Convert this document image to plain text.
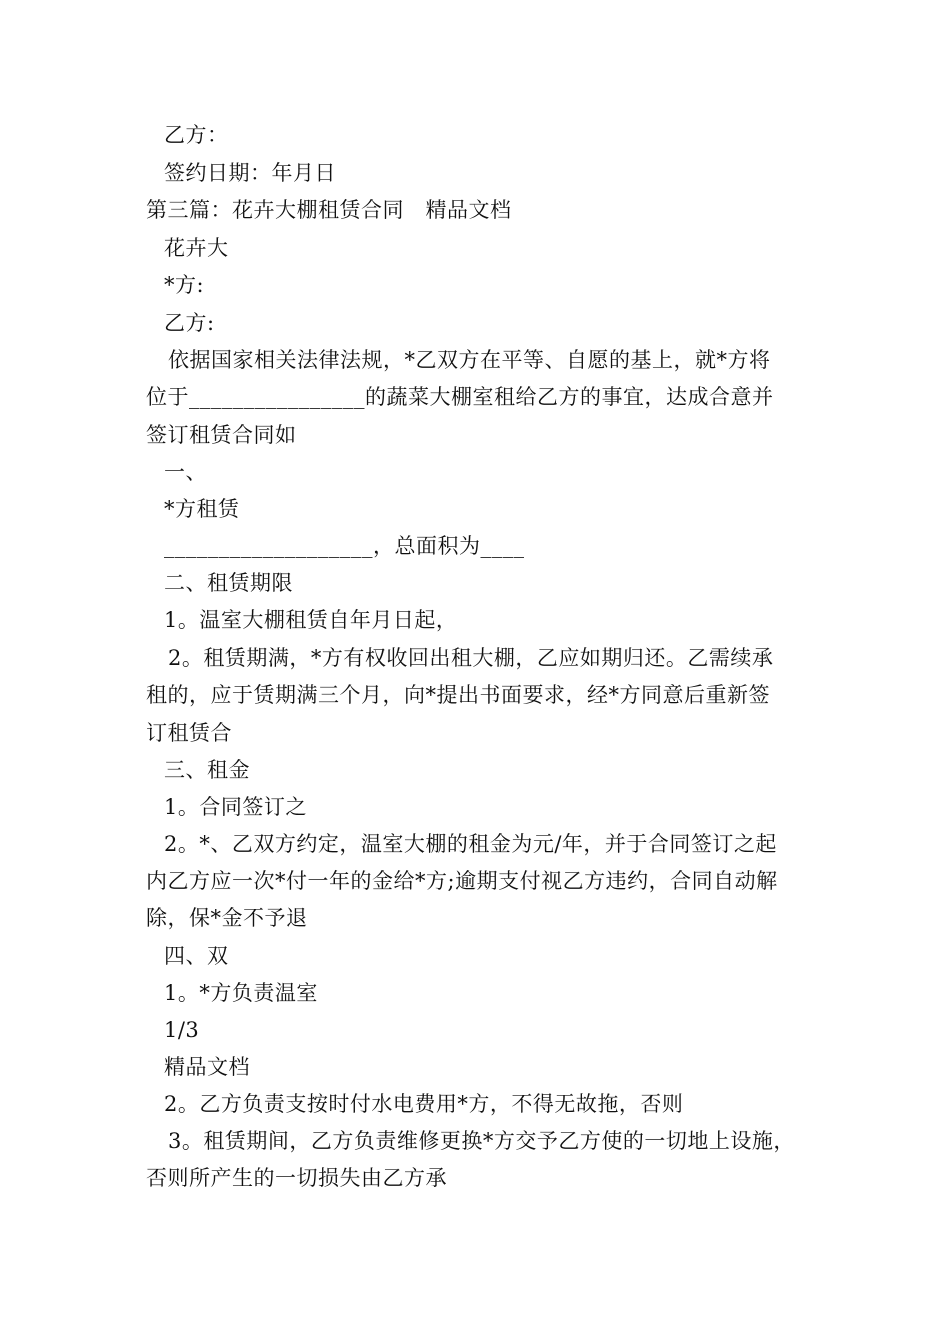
乙方：
签约日期：年月日
第三篇：花卉大棚租赁合同　精品文档
花卉大
*方:
乙方:
依据国家相关法律法规，*乙双方在平等、自愿的基上，就*方将
位于________________的蔬菜大棚室租给乙方的事宜，达成合意并
签订租赁合同如
一、
*方租赁
___________________，总面积为____
二、租赁期限
1。温室大棚租赁自年月日起，
2。租赁期满，*方有权收回出租大棚，乙应如期归还。乙需续承
租的，应于赁期满三个月，向*提出书面要求，经*方同意后重新签
订租赁合
三、租金
1。合同签订之
2。*、乙双方约定，温室大棚的租金为元/年，并于合同签订之起
内乙方应一次*付一年的金给*方;逾期支付视乙方违约，合同自动解
除，保*金不予退
四、双
1。*方负责温室
1/3
精品文档
2。乙方负责支按时付水电费用*方，不得无故拖，否则
3。租赁期间，乙方负责维修更换*方交予乙方使的一切地上设施，
否则所产生的一切损失由乙方承
